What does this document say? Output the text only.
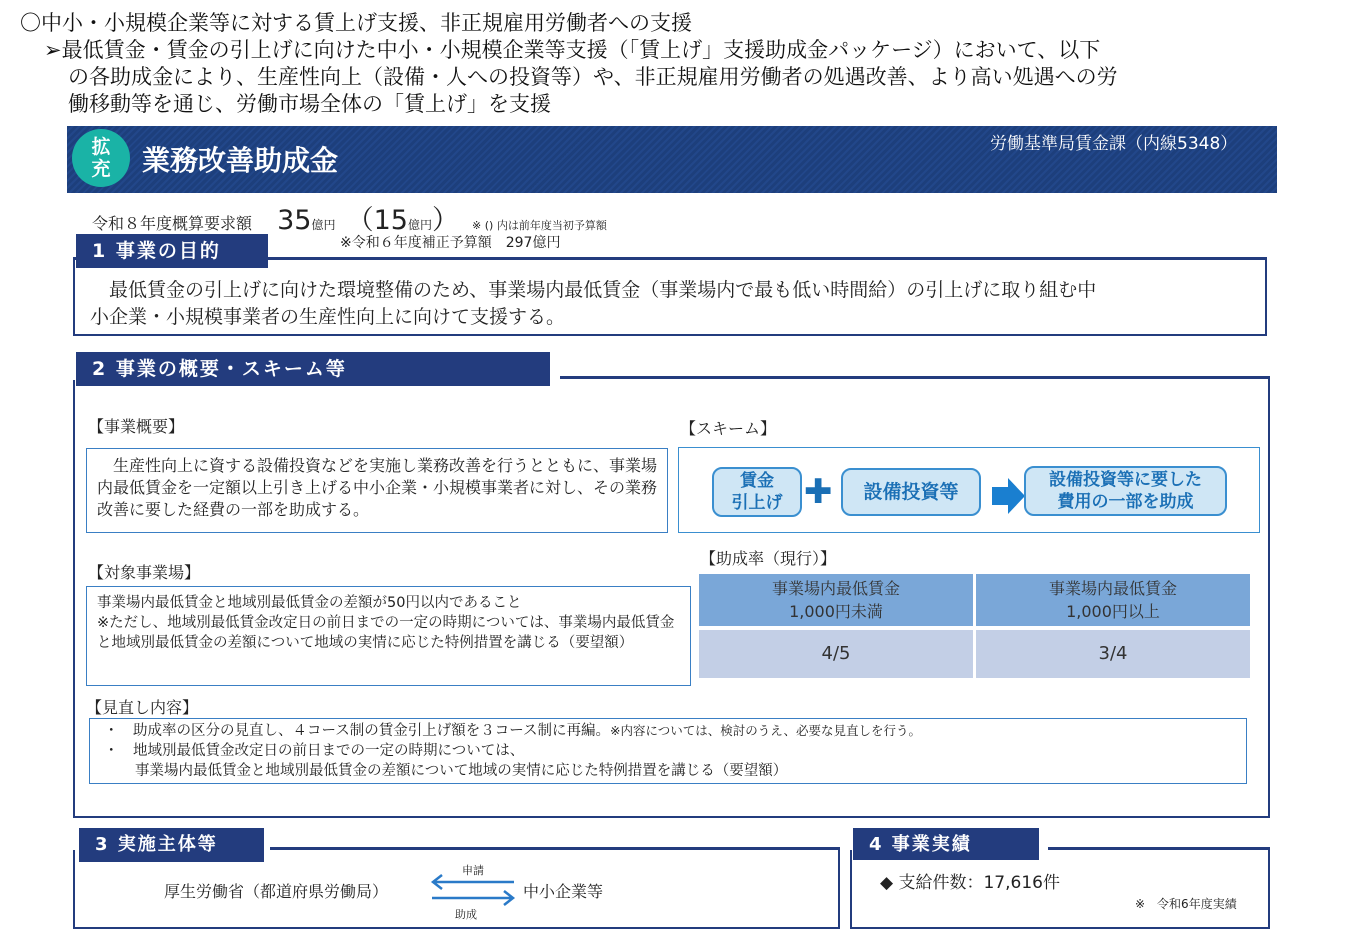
〇中小・小規模企業等に対する賃上げ支援、非正規雇用労働者への支援
➢最低賃金・賃金の引上げに向けた中小・小規模企業等支援（「賃上げ」支援助成金パッケージ）において、以下
の各助成金により、生産性向上（設備・人への投資等）や、非正規雇用労働者の処遇改善、より高い処遇への労
働移動等を通じ、労働市場全体の「賃上げ」を支援
拡
充	業務改善助成金	労働基準局賃金課（内線5348）
令和８年度概算要求額 35億円 （15億円） ※ () 内は前年度当初予算額
※令和６年度補正予算額　297億円
1 事業の目的
　最低賃金の引上げに向けた環境整備のため、事業場内最低賃金（事業場内で最も低い時間給）の引上げに取り組む中
小企業・小規模事業者の生産性向上に向けて支援する。
2 事業の概要・スキーム等
【事業概要】
　生産性向上に資する設備投資などを実施し業務改善を行うとともに、事業場内最低賃金を一定額以上引き上げる中小企業・小規模事業者に対し、その業務改善に要した経費の一部を助成する。
【スキーム】
賃金
引上げ ✚	設備投資等
設備投資等に要した
費用の一部を助成
【対象事業場】
事業場内最低賃金と地域別最低賃金の差額が50円以内であること
※ただし、地域別最低賃金改定日の前日までの一定の時期については、事業場内最低賃金と地域別最低賃金の差額について地域の実情に応じた特例措置を講じる（要望額）
【助成率（現行）】
事業場内最低賃金
1,000円未満
事業場内最低賃金
1,000円以上
4/5	3/4
【見直し内容】
・　助成率の区分の見直し、４コース制の賃金引上げ額を３コース制に再編。※内容については、検討のうえ、必要な見直しを行う。
・　地域別最低賃金改定日の前日までの一定の時期については、
事業場内最低賃金と地域別最低賃金の差額について地域の実情に応じた特例措置を講じる（要望額）
3 実施主体等
厚生労働省（都道府県労働局）	中小企業等
申請
助成
4 事業実績
◆ 支給件数：17,616件
※　令和6年度実績
